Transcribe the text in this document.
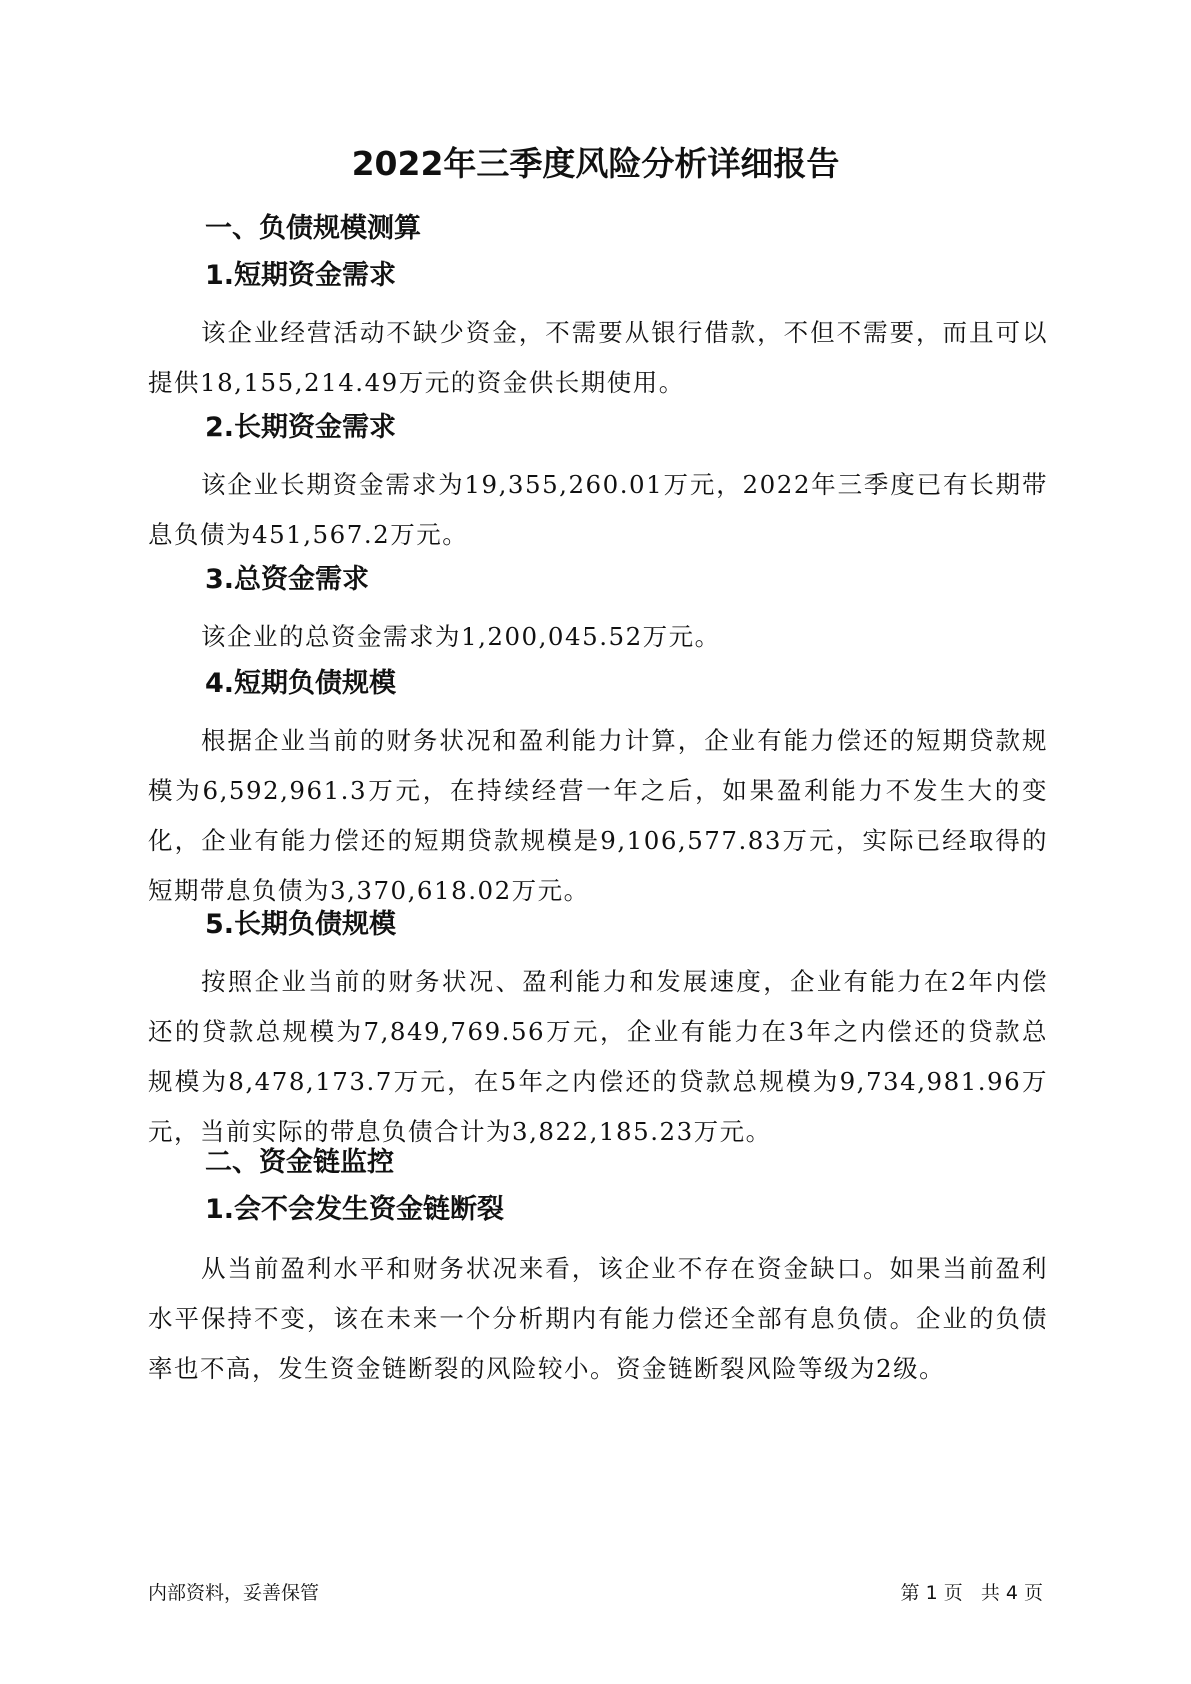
2022年三季度风险分析详细报告
一、负债规模测算
1.短期资金需求

该企业经营活动不缺少资金，不需要从银行借款，不但不需要，而且可以提供18,155,214.49万元的资金供长期使用。

2.长期资金需求

该企业长期资金需求为19,355,260.01万元，2022年三季度已有长期带息负债为451,567.2万元。

3.总资金需求

该企业的总资金需求为1,200,045.52万元。

4.短期负债规模

根据企业当前的财务状况和盈利能力计算，企业有能力偿还的短期贷款规模为6,592,961.3万元，在持续经营一年之后，如果盈利能力不发生大的变化，企业有能力偿还的短期贷款规模是9,106,577.83万元，实际已经取得的短期带息负债为3,370,618.02万元。

5.长期负债规模

按照企业当前的财务状况、盈利能力和发展速度，企业有能力在2年内偿还的贷款总规模为7,849,769.56万元，企业有能力在3年之内偿还的贷款总规模为8,478,173.7万元，在5年之内偿还的贷款总规模为9,734,981.96万元，当前实际的带息负债合计为3,822,185.23万元。

二、资金链监控
1.会不会发生资金链断裂

从当前盈利水平和财务状况来看，该企业不存在资金缺口。如果当前盈利水平保持不变，该在未来一个分析期内有能力偿还全部有息负债。企业的负债率也不高，发生资金链断裂的风险较小。资金链断裂风险等级为2级。

内部资料，妥善保管	第 1 页   共 4 页
